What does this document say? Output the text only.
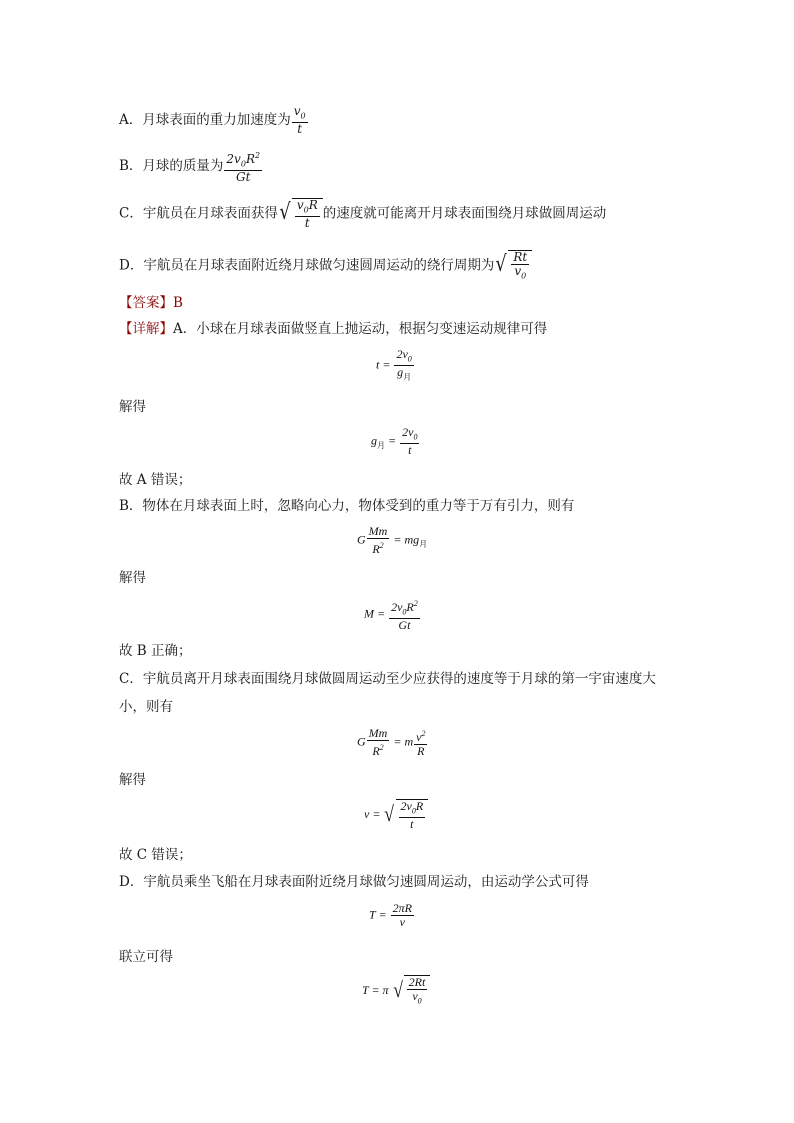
A．月球表面的重力加速度为 $\frac{v_0}{t}$
B．月球的质量为 $\frac{2v_0R^2}{Gt}$
C．宇航员在月球表面获得 √ $\frac{v_0R}{t}$ 的速度就可能离开月球表面围绕月球做圆周运动
D．宇航员在月球表面附近绕月球做匀速圆周运动的绕行周期为 √ $\frac{Rt}{v_0}$
【答案】B
【详解】A．小球在月球表面做竖直上抛运动，根据匀变速运动规律可得
$t = \frac{2v_0}{g_月}$
解得
$g_月 = \frac{2v_0}{t}$
故 A 错误；
B．物体在月球表面上时，忽略向心力，物体受到的重力等于万有引力，则有
G $\frac{Mm}{R^2} = mg_月$
解得
$M = \frac{2v_0R^2}{Gt}$
故 B 正确；
C．宇航员离开月球表面围绕月球做圆周运动至少应获得的速度等于月球的第一宇宙速度大
小，则有
G $\frac{Mm}{R^2} = m \frac{v^2}{R}$
解得
v = √ $\frac{2v_0R}{t}$
故 C 错误；
D．宇航员乘坐飞船在月球表面附近绕月球做匀速圆周运动，由运动学公式可得
$T = \frac{2\pi R}{v}$
联立可得
T = π √ $\frac{2Rt}{v_0}$
